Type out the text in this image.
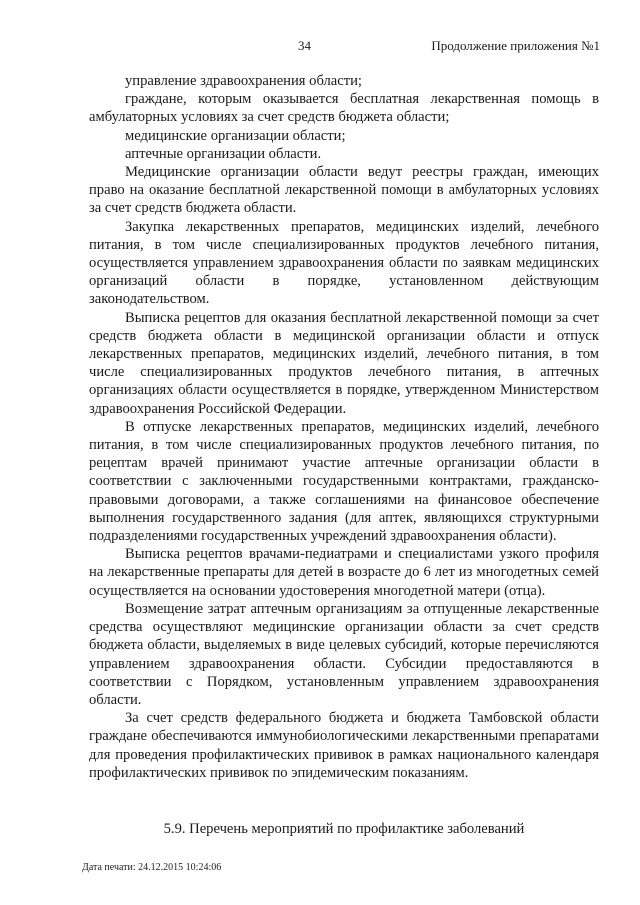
34	Продолжение приложения №1

управление здравоохранения области;

граждане, которым оказывается бесплатная лекарственная помощь в амбулаторных условиях за счет средств бюджета области;

медицинские организации области;

аптечные организации области.

Медицинские организации области ведут реестры граждан, имеющих право на оказание бесплатной лекарственной помощи в амбулаторных условиях за счет средств бюджета области.

Закупка лекарственных препаратов, медицинских изделий, лечебного питания, в том числе специализированных продуктов лечебного питания, осуществляется управлением здравоохранения области по заявкам медицинских организаций области в порядке, установленном действующим законодательством.

Выписка рецептов для оказания бесплатной лекарственной помощи за счет средств бюджета области в медицинской организации области и отпуск лекарственных препаратов, медицинских изделий, лечебного питания, в том числе специализированных продуктов лечебного питания, в аптечных организациях области осуществляется в порядке, утвержденном Министерством здравоохранения Российской Федерации.

В отпуске лекарственных препаратов, медицинских изделий, лечебного питания, в том числе специализированных продуктов лечебного питания, по рецептам врачей принимают участие аптечные организации области в соответствии с заключенными государственными контрактами, гражданско-правовыми договорами, а также соглашениями на финансовое обеспечение выполнения государственного задания (для аптек, являющихся структурными подразделениями государственных учреждений здравоохранения области).

Выписка рецептов врачами-педиатрами и специалистами узкого профиля на лекарственные препараты для детей в возрасте до 6 лет из многодетных семей осуществляется на основании удостоверения многодетной матери (отца).

Возмещение затрат аптечным организациям за отпущенные лекарственные средства осуществляют медицинские организации области за счет средств бюджета области, выделяемых в виде целевых субсидий, которые перечисляются управлением здравоохранения области. Субсидии предоставляются в соответствии с Порядком, установленным управлением здравоохранения области.

За счет средств федерального бюджета и бюджета Тамбовской области граждане обеспечиваются иммунобиологическими лекарственными препаратами для проведения профилактических прививок в рамках национального календаря профилактических прививок по эпидемическим показаниям.

5.9. Перечень мероприятий по профилактике заболеваний
Дата печати: 24.12.2015 10:24:06
